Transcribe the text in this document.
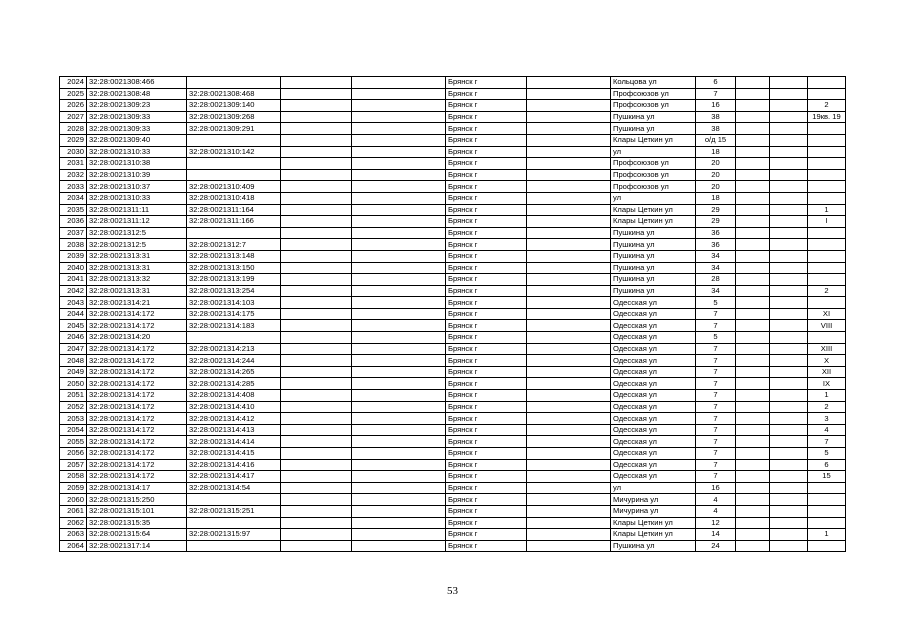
2024	32:28:0021308:466				Брянск г		Кольцова ул	6			
2025	32:28:0021308:48	32:28:0021308:468			Брянск г		Профсоюзов ул	7			
2026	32:28:0021309:23	32:28:0021309:140			Брянск г		Профсоюзов ул	16			2
2027	32:28:0021309:33	32:28:0021309:268			Брянск г		Пушкина ул	38			19кв. 19
2028	32:28:0021309:33	32:28:0021309:291			Брянск г		Пушкина ул	38			
2029	32:28:0021309:40				Брянск г		Клары Цеткин ул	о/д 15			
2030	32:28:0021310:33	32:28:0021310:142			Брянск г		ул	18			
2031	32:28:0021310:38				Брянск г		Профсоюзов ул	20			
2032	32:28:0021310:39				Брянск г		Профсоюзов ул	20			
2033	32:28:0021310:37	32:28:0021310:409			Брянск г		Профсоюзов ул	20			
2034	32:28:0021310:33	32:28:0021310:418			Брянск г		ул	18			
2035	32:28:0021311:11	32:28:0021311:164			Брянск г		Клары Цеткин ул	29			1
2036	32:28:0021311:12	32:28:0021311:166			Брянск г		Клары Цеткин ул	29			I
2037	32:28:0021312:5				Брянск г		Пушкина ул	36			
2038	32:28:0021312:5	32:28:0021312:7			Брянск г		Пушкина ул	36			
2039	32:28:0021313:31	32:28:0021313:148			Брянск г		Пушкина ул	34			
2040	32:28:0021313:31	32:28:0021313:150			Брянск г		Пушкина ул	34			
2041	32:28:0021313:32	32:28:0021313:199			Брянск г		Пушкина ул	28			
2042	32:28:0021313:31	32:28:0021313:254			Брянск г		Пушкина ул	34			2
2043	32:28:0021314:21	32:28:0021314:103			Брянск г		Одесская ул	5			
2044	32:28:0021314:172	32:28:0021314:175			Брянск г		Одесская ул	7			XI
2045	32:28:0021314:172	32:28:0021314:183			Брянск г		Одесская ул	7			VIII
2046	32:28:0021314:20				Брянск г		Одесская ул	5			
2047	32:28:0021314:172	32:28:0021314:213			Брянск г		Одесская ул	7			XIII
2048	32:28:0021314:172	32:28:0021314:244			Брянск г		Одесская ул	7			X
2049	32:28:0021314:172	32:28:0021314:265			Брянск г		Одесская ул	7			XII
2050	32:28:0021314:172	32:28:0021314:285			Брянск г		Одесская ул	7			IX
2051	32:28:0021314:172	32:28:0021314:408			Брянск г		Одесская ул	7			1
2052	32:28:0021314:172	32:28:0021314:410			Брянск г		Одесская ул	7			2
2053	32:28:0021314:172	32:28:0021314:412			Брянск г		Одесская ул	7			3
2054	32:28:0021314:172	32:28:0021314:413			Брянск г		Одесская ул	7			4
2055	32:28:0021314:172	32:28:0021314:414			Брянск г		Одесская ул	7			7
2056	32:28:0021314:172	32:28:0021314:415			Брянск г		Одесская ул	7			5
2057	32:28:0021314:172	32:28:0021314:416			Брянск г		Одесская ул	7			6
2058	32:28:0021314:172	32:28:0021314:417			Брянск г		Одесская ул	7			15
2059	32:28:0021314:17	32:28:0021314:54			Брянск г		ул	16			
2060	32:28:0021315:250				Брянск г		Мичурина ул	4			
2061	32:28:0021315:101	32:28:0021315:251			Брянск г		Мичурина ул	4			
2062	32:28:0021315:35				Брянск г		Клары Цеткин ул	12			
2063	32:28:0021315:64	32:28:0021315:97			Брянск г		Клары Цеткин ул	14			1
2064	32:28:0021317:14				Брянск г		Пушкина ул	24			
53
